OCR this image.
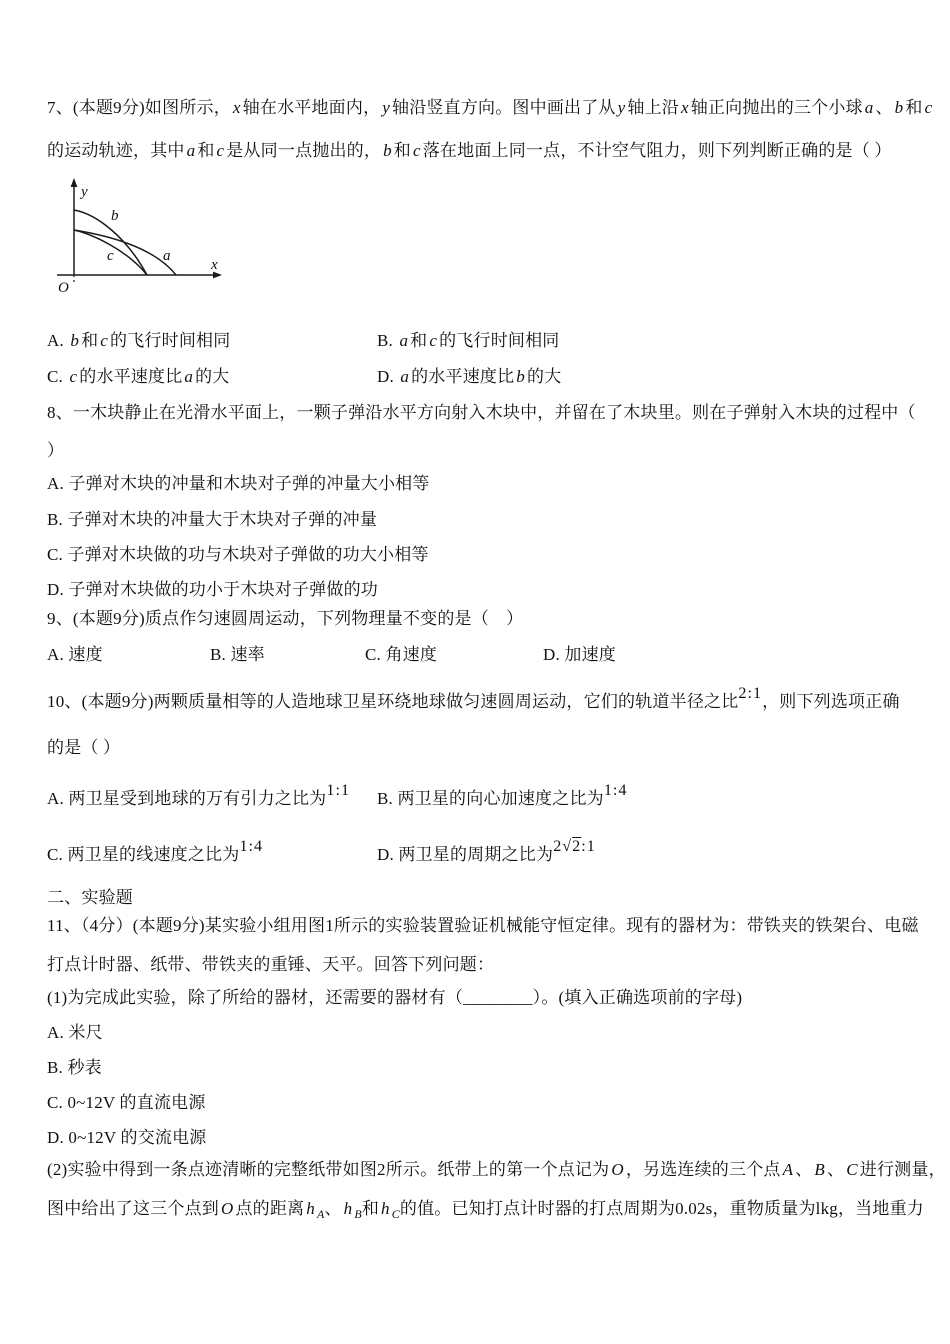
7、(本题9分)如图所示， x 轴在水平地面内， y 轴沿竖直方向。图中画出了从 y 轴上沿 x 轴正向抛出的三个小球 a 、 b 和 c
的运动轨迹，其中 a 和 c 是从同一点抛出的， b 和 c 落在地面上同一点，不计空气阻力，则下列判断正确的是（ ）
y
x
O
b
c	a
A. b 和 c 的飞行时间相同	B. a 和 c 的飞行时间相同
C. c 的水平速度比 a 的大	D. a 的水平速度比 b 的大
8、一木块静止在光滑水平面上，一颗子弹沿水平方向射入木块中，并留在了木块里。则在子弹射入木块的过程中（
）
A. 子弹对木块的冲量和木块对子弹的冲量大小相等
B. 子弹对木块的冲量大于木块对子弹的冲量
C. 子弹对木块做的功与木块对子弹做的功大小相等
D. 子弹对木块做的功小于木块对子弹做的功
9、(本题9分)质点作匀速圆周运动，下列物理量不变的是（　）
A. 速度	B. 速率	C. 角速度	D. 加速度
10、(本题9分)两颗质量相等的人造地球卫星环绕地球做匀速圆周运动，它们的轨道半径之比2:1，则下列选项正确
的是（ ）
A. 两卫星受到地球的万有引力之比为1:1 B. 两卫星的向心加速度之比为1:4
C. 两卫星的线速度之比为1:4	D. 两卫星的周期之比为2√2:1
二、实验题
11、（4分）(本题9分)某实验小组用图1所示的实验装置验证机械能守恒定律。现有的器材为：带铁夹的铁架台、电磁
打点计时器、纸带、带铁夹的重锤、天平。回答下列问题：
(1)为完成此实验，除了所给的器材，还需要的器材有（________）。(填入正确选项前的字母)
A. 米尺
B. 秒表
C. 0~12V 的直流电源
D. 0~12V 的交流电源
(2)实验中得到一条点迹清晰的完整纸带如图2所示。纸带上的第一个点记为 O ，另选连续的三个点 A 、 B 、 C 进行测量，
图中给出了这三个点到 O 点的距离 h $_A$、 h $_B$和 h $_C$的值。已知打点计时器的打点周期为0.02s，重物质量为lkg，当地重力
